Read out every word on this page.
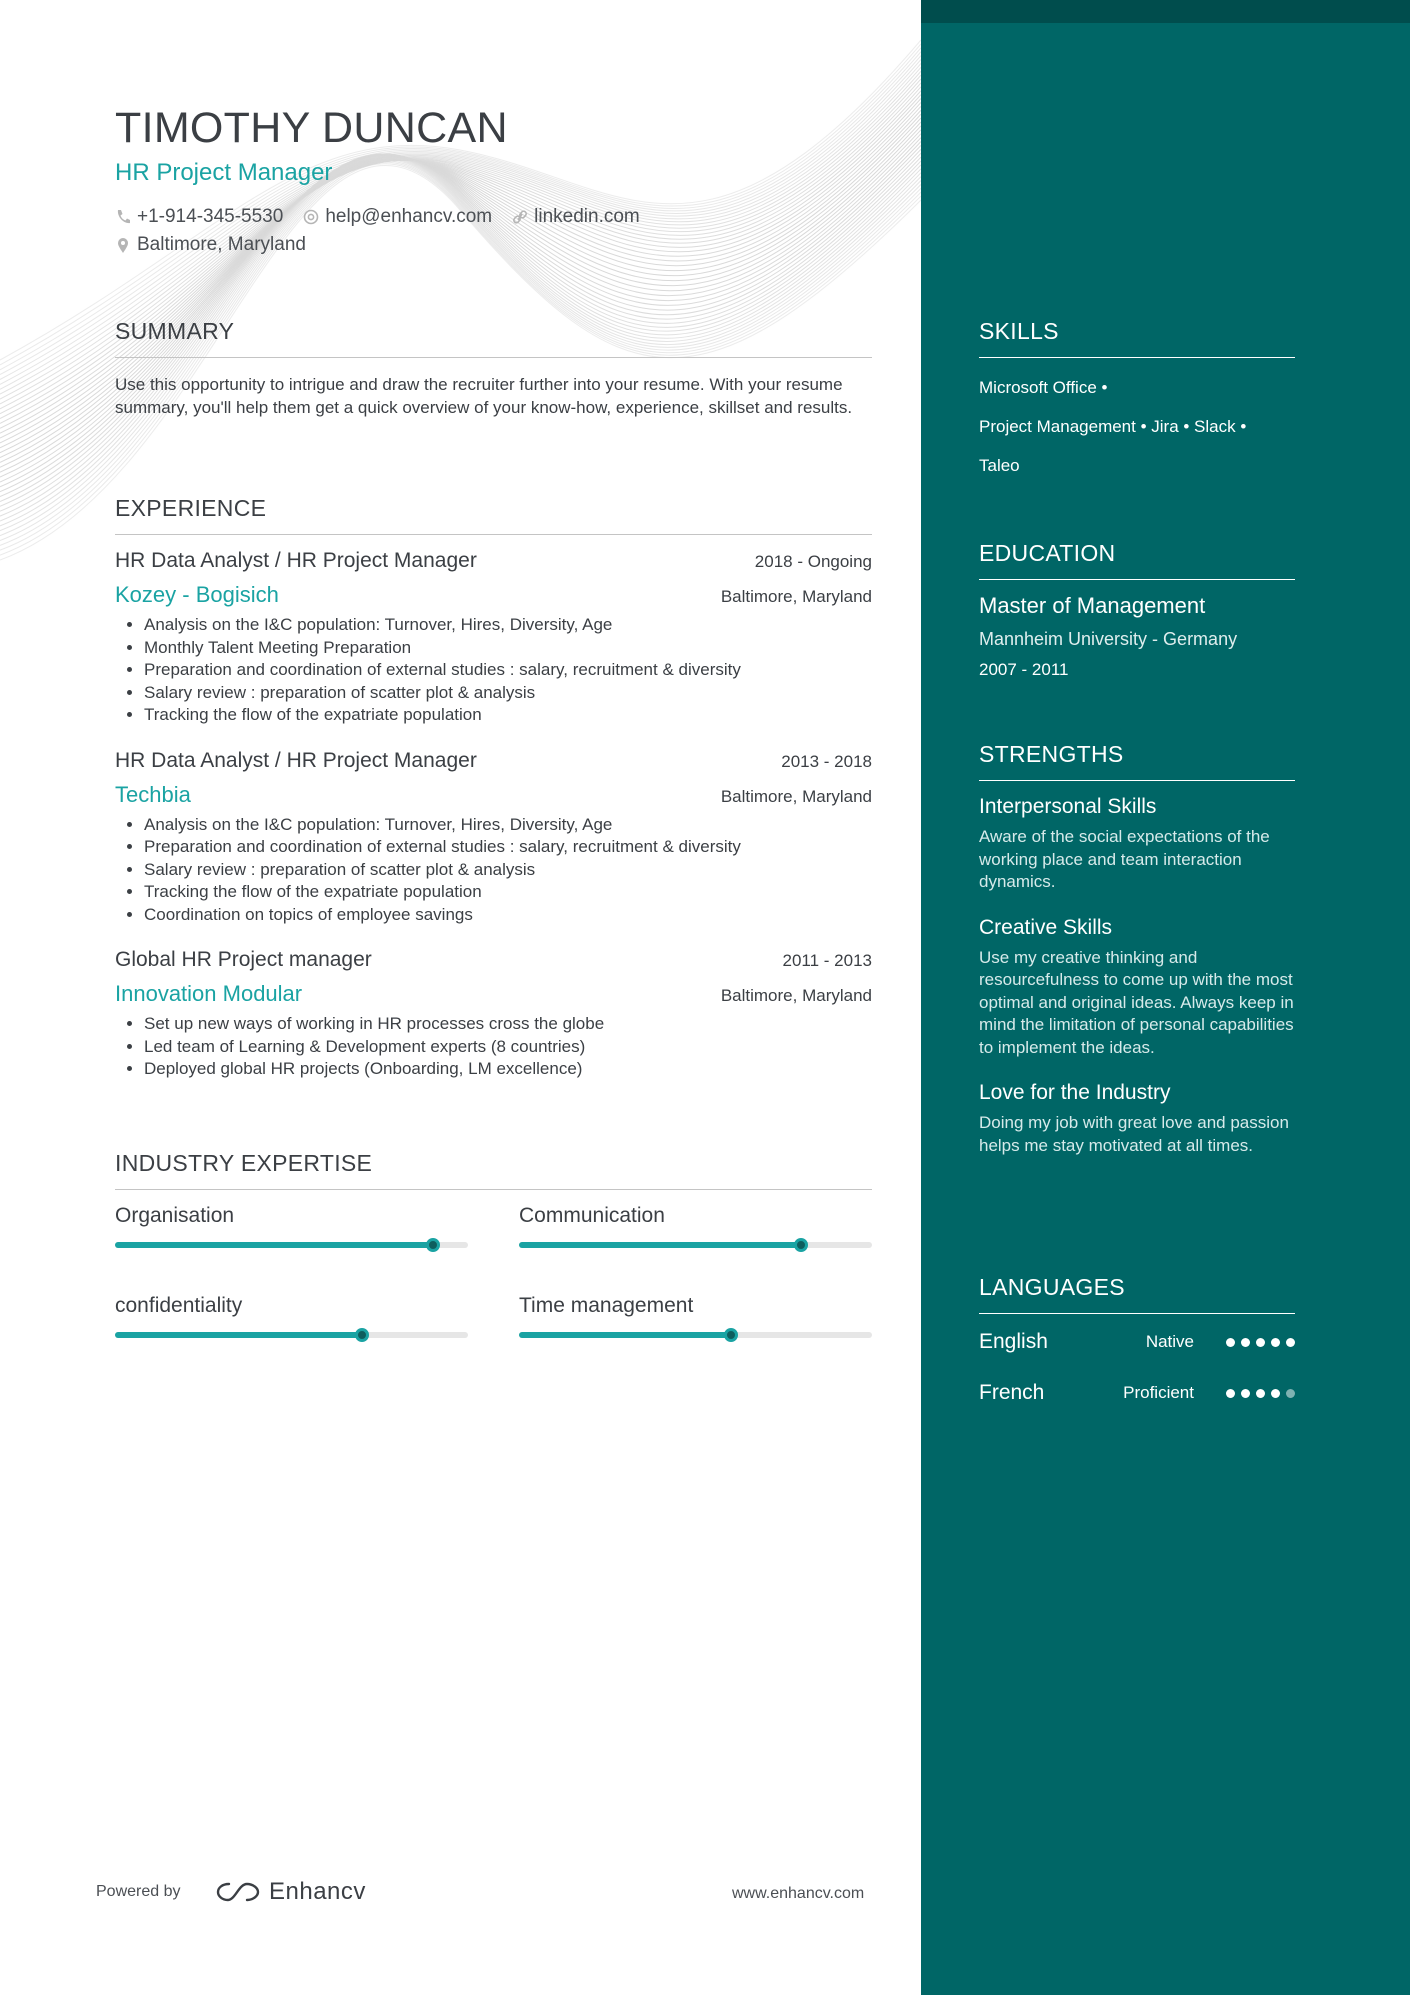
TIMOTHY DUNCAN
HR Project Manager
+1-914-345-5530 help@enhancv.com linkedin.com
Baltimore, Maryland
SUMMARY
Use this opportunity to intrigue and draw the recruiter further into your resume. With your resume summary, you'll help them get a quick overview of your know-how, experience, skillset and results.
EXPERIENCE
HR Data Analyst / HR Project Manager	2018 - Ongoing
Kozey - Bogisich	Baltimore, Maryland
• Analysis on the I&C population: Turnover, Hires, Diversity, Age
• Monthly Talent Meeting Preparation
• Preparation and coordination of external studies : salary, recruitment & diversity
• Salary review : preparation of scatter plot & analysis
• Tracking the flow of the expatriate population
HR Data Analyst / HR Project Manager	2013 - 2018
Techbia	Baltimore, Maryland
• Analysis on the I&C population: Turnover, Hires, Diversity, Age
• Preparation and coordination of external studies : salary, recruitment & diversity
• Salary review : preparation of scatter plot & analysis
• Tracking the flow of the expatriate population
• Coordination on topics of employee savings
Global HR Project manager	2011 - 2013
Innovation Modular	Baltimore, Maryland
• Set up new ways of working in HR processes cross the globe
• Led team of Learning & Development experts (8 countries)
• Deployed global HR projects (Onboarding, LM excellence)
INDUSTRY EXPERTISE
Organisation	Communication
confidentiality	Time management
SKILLS
Microsoft Office •
Project Management • Jira • Slack •
Taleo
EDUCATION
Master of Management
Mannheim University - Germany
2007 - 2011
STRENGTHS
Interpersonal Skills
Aware of the social expectations of the working place and team interaction dynamics.
Creative Skills
Use my creative thinking and resourcefulness to come up with the most optimal and original ideas. Always keep in mind the limitation of personal capabilities to implement the ideas.
Love for the Industry
Doing my job with great love and passion helps me stay motivated at all times.
LANGUAGES
English	Native
French	Proficient
Powered by	Enhancv	www.enhancv.com
